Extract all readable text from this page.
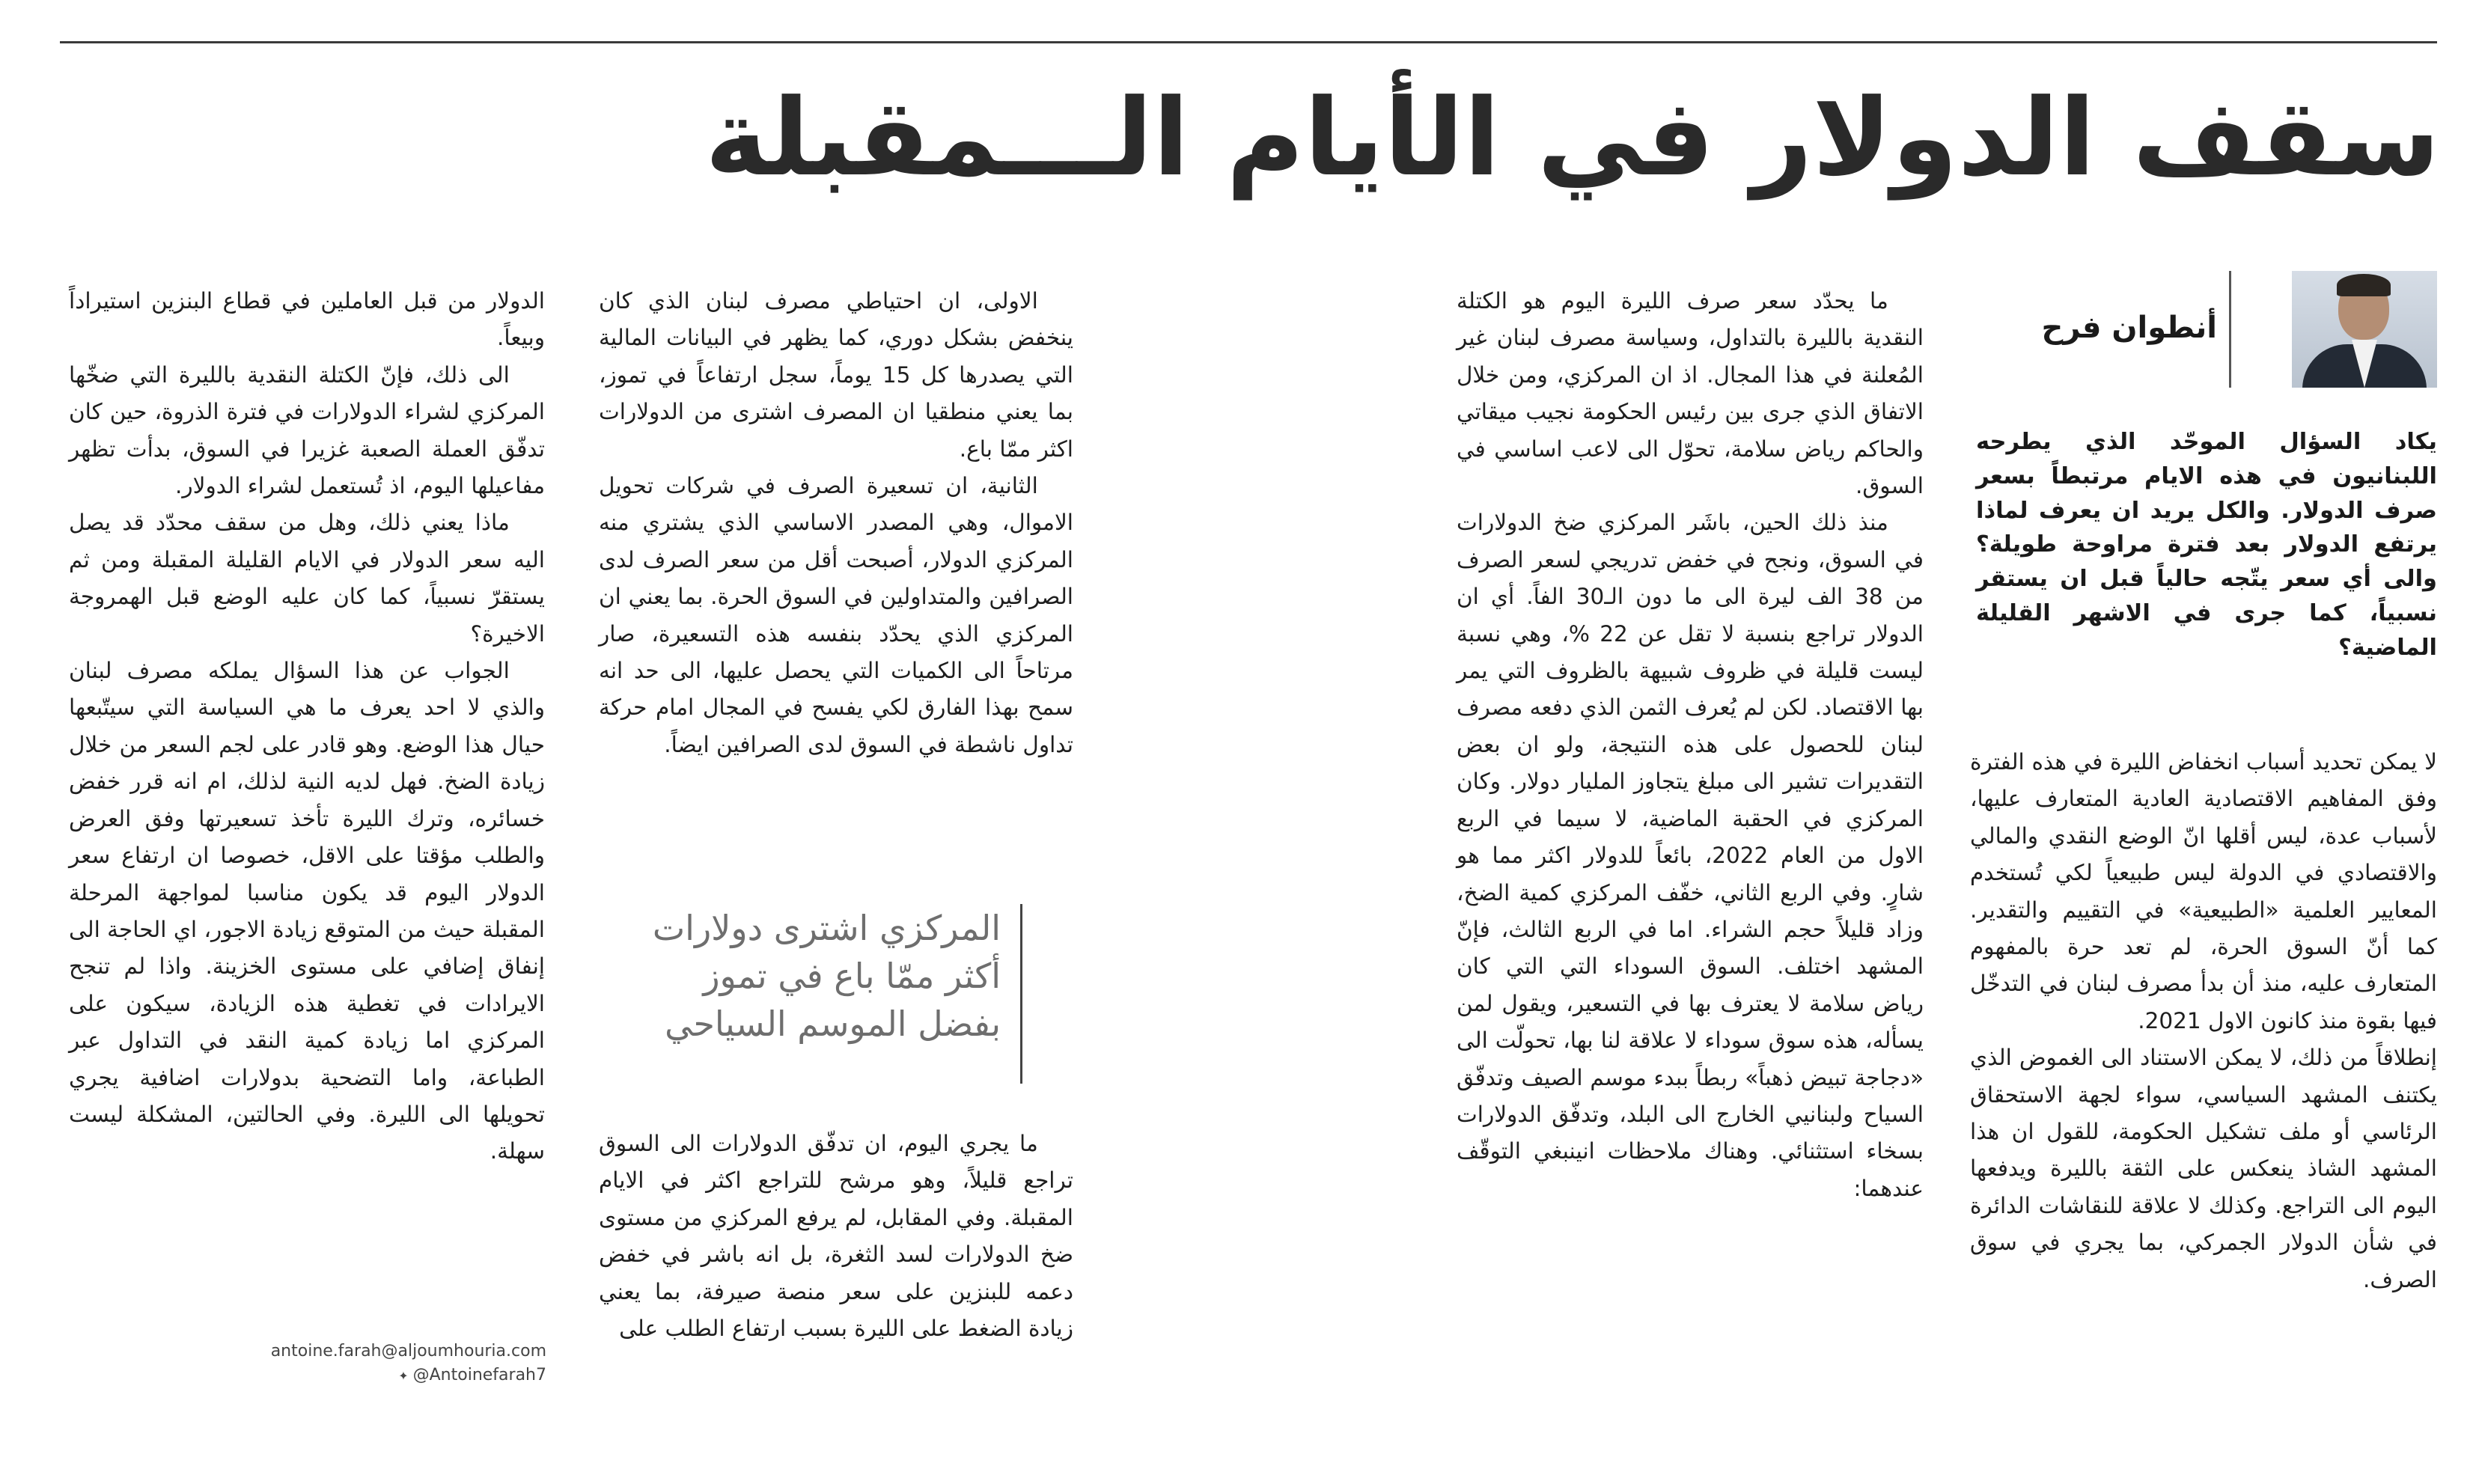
سقف الدولار في الأيام الـــمقبلة
أنطوان فرح
يكاد السؤال الموحّد الذي يطرحه اللبنانيون في هذه الايام مرتبطاً بسعر صرف الدولار. والكل يريد ان يعرف لماذا يرتفع الدولار بعد فترة مراوحة طويلة؟ والى أي سعر يتّجه حالياً قبل ان يستقر نسبياً، كما جرى في الاشهر القليلة الماضية؟

لا يمكن تحديد أسباب انخفاض الليرة في هذه الفترة وفق المفاهيم الاقتصادية العادية المتعارف عليها، لأسباب عدة، ليس أقلها انّ الوضع النقدي والمالي والاقتصادي في الدولة ليس طبيعياً لكي تُستخدم المعايير العلمية «الطبيعية» في التقييم والتقدير. كما أنّ السوق الحرة، لم تعد حرة بالمفهوم المتعارف عليه، منذ أن بدأ مصرف لبنان في التدخّل فيها بقوة منذ كانون الاول 2021.

إنطلاقاً من ذلك، لا يمكن الاستناد الى الغموض الذي يكتنف المشهد السياسي، سواء لجهة الاستحقاق الرئاسي أو ملف تشكيل الحكومة، للقول ان هذا المشهد الشاذ ينعكس على الثقة بالليرة ويدفعها اليوم الى التراجع. وكذلك لا علاقة للنقاشات الدائرة في شأن الدولار الجمركي، بما يجري في سوق الصرف.

ما يحدّد سعر صرف الليرة اليوم هو الكتلة النقدية بالليرة بالتداول، وسياسة مصرف لبنان غير المُعلنة في هذا المجال. اذ ان المركزي، ومن خلال الاتفاق الذي جرى بين رئيس الحكومة نجيب ميقاتي والحاكم رياض سلامة، تحوّل الى لاعب اساسي في السوق.

منذ ذلك الحين، باشَر المركزي ضخ الدولارات في السوق، ونجح في خفض تدريجي لسعر الصرف من 38 الف ليرة الى ما دون الـ30 الفاً. أي ان الدولار تراجع بنسبة لا تقل عن 22 %، وهي نسبة ليست قليلة في ظروف شبيهة بالظروف التي يمر بها الاقتصاد. لكن لم يُعرف الثمن الذي دفعه مصرف لبنان للحصول على هذه النتيجة، ولو ان بعض التقديرات تشير الى مبلغ يتجاوز المليار دولار. وكان المركزي في الحقبة الماضية، لا سيما في الربع الاول من العام 2022، بائعاً للدولار اكثر مما هو شارٍ. وفي الربع الثاني، خفّف المركزي كمية الضخ، وزاد قليلاً حجم الشراء. اما في الربع الثالث، فإنّ المشهد اختلف. السوق السوداء التي التي كان رياض سلامة لا يعترف بها في التسعير، ويقول لمن يسأله، هذه سوق سوداء لا علاقة لنا بها، تحولّت الى «دجاجة تبيض ذهباً» ربطاً ببدء موسم الصيف وتدفّق السياح ولبنانيي الخارج الى البلد، وتدفّق الدولارات بسخاء استثنائي. وهناك ملاحظات انينبغي التوقّف عندهما:

الاولى، ان احتياطي مصرف لبنان الذي كان ينخفض بشكل دوري، كما يظهر في البيانات المالية التي يصدرها كل 15 يوماً، سجل ارتفاعاً في تموز، بما يعني منطقيا ان المصرف اشترى من الدولارات اكثر ممّا باع.

الثانية، ان تسعيرة الصرف في شركات تحويل الاموال، وهي المصدر الاساسي الذي يشتري منه المركزي الدولار، أصبحت أقل من سعر الصرف لدى الصرافين والمتداولين في السوق الحرة. بما يعني ان المركزي الذي يحدّد بنفسه هذه التسعيرة، صار مرتاحاً الى الكميات التي يحصل عليها، الى حد انه سمح بهذا الفارق لكي يفسح في المجال امام حركة تداول ناشطة في السوق لدى الصرافين ايضاً.

المركزي اشترى دولارات
أكثر ممّا باع في تموز
بفضل الموسم السياحي

ما يجري اليوم، ان تدفّق الدولارات الى السوق تراجع قليلاً، وهو مرشح للتراجع اكثر في الايام المقبلة. وفي المقابل، لم يرفع المركزي من مستوى ضخ الدولارات لسد الثغرة، بل انه باشر في خفض دعمه للبنزين على سعر منصة صيرفة، بما يعني زيادة الضغط على الليرة بسبب ارتفاع الطلب على

الدولار من قبل العاملين في قطاع البنزين استيراداً وبيعاً.

الى ذلك، فإنّ الكتلة النقدية بالليرة التي ضخّها المركزي لشراء الدولارات في فترة الذروة، حين كان تدفّق العملة الصعبة غزيرا في السوق، بدأت تظهر مفاعيلها اليوم، اذ تُستعمل لشراء الدولار.

ماذا يعني ذلك، وهل من سقف محدّد قد يصل اليه سعر الدولار في الايام القليلة المقبلة ومن ثم يستقرّ نسبياً، كما كان عليه الوضع قبل الهمروجة الاخيرة؟

الجواب عن هذا السؤال يملكه مصرف لبنان والذي لا احد يعرف ما هي السياسة التي سيتّبعها حيال هذا الوضع. وهو قادر على لجم السعر من خلال زيادة الضخ. فهل لديه النية لذلك، ام انه قرر خفض خسائره، وترك الليرة تأخذ تسعيرتها وفق العرض والطلب مؤقتا على الاقل، خصوصا ان ارتفاع سعر الدولار اليوم قد يكون مناسبا لمواجهة المرحلة المقبلة حيث من المتوقع زيادة الاجور، اي الحاجة الى إنفاق إضافي على مستوى الخزينة. واذا لم تنجح الايرادات في تغطية هذه الزيادة، سيكون على المركزي اما زيادة كمية النقد في التداول عبر الطباعة، واما التضحية بدولارات اضافية يجري تحويلها الى الليرة. وفي الحالتين، المشكلة ليست سهلة.

antoine.farah@aljoumhouria.com
✦ @Antoinefarah7
